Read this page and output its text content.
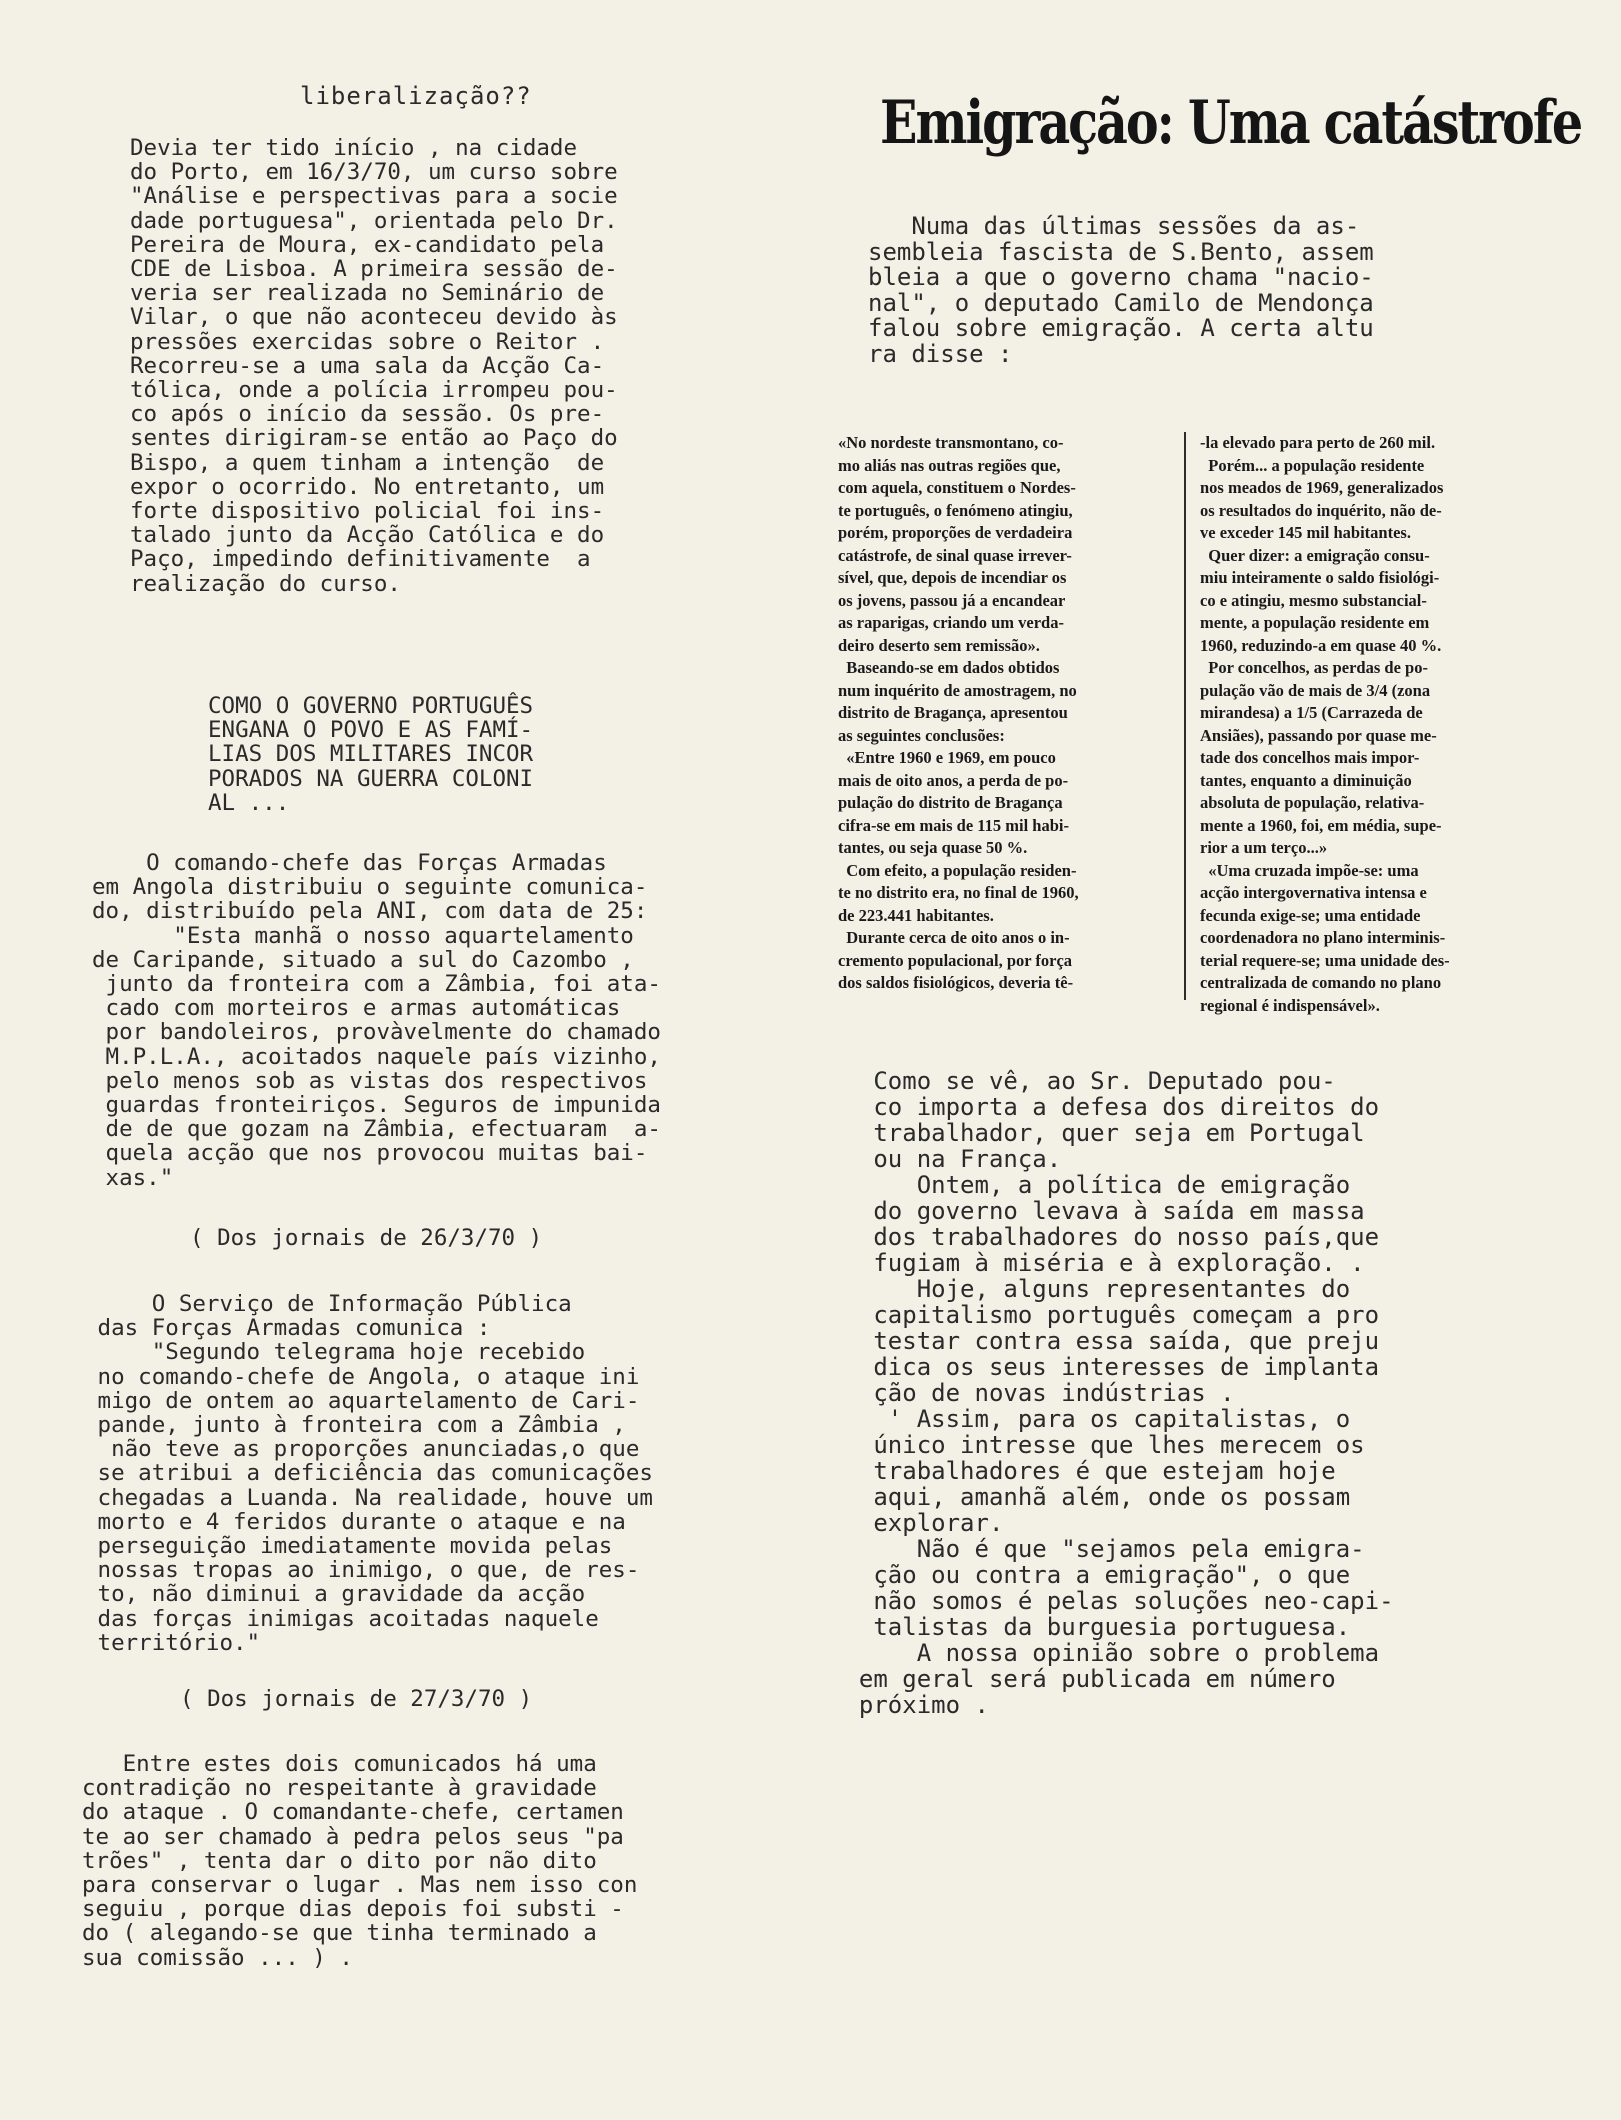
liberalização??
Devia ter tido início , na cidade
do Porto, em 16/3/70, um curso sobre
"Análise e perspectivas para a socie
dade portuguesa", orientada pelo Dr.
Pereira de Moura, ex-candidato pela
CDE de Lisboa. A primeira sessão de-
veria ser realizada no Seminário de
Vilar, o que não aconteceu devido às
pressões exercidas sobre o Reitor .
Recorreu-se a uma sala da Acção Ca-
tólica, onde a polícia irrompeu pou-
co após o início da sessão. Os pre-
sentes dirigiram-se então ao Paço do
Bispo, a quem tinham a intenção  de
expor o ocorrido. No entretanto, um
forte dispositivo policial foi ins-
talado junto da Acção Católica e do
Paço, impedindo definitivamente  a
realização do curso.
COMO O GOVERNO PORTUGUÊS
ENGANA O POVO E AS FAMÍ-
LIAS DOS MILITARES INCOR
PORADOS NA GUERRA COLONI
AL ...
O comando-chefe das Forças Armadas
em Angola distribuiu o seguinte comunica-
do, distribuído pela ANI, com data de 25:
"Esta manhã o nosso aquartelamento
de Caripande, situado a sul do Cazombo ,
junto da fronteira com a Zâmbia, foi ata-
cado com morteiros e armas automáticas
por bandoleiros, provàvelmente do chamado
M.P.L.A., acoitados naquele país vizinho,
pelo menos sob as vistas dos respectivos
guardas fronteiriços. Seguros de impunida
de de que gozam na Zâmbia, efectuaram  a-
quela acção que nos provocou muitas bai-
xas."
( Dos jornais de 26/3/70 )
O Serviço de Informação Pública
das Forças Armadas comunica :
"Segundo telegrama hoje recebido
no comando-chefe de Angola, o ataque ini
migo de ontem ao aquartelamento de Cari-
pande, junto à fronteira com a Zâmbia ,
não teve as proporções anunciadas,o que
se atribui a deficiência das comunicações
chegadas a Luanda. Na realidade, houve um
morto e 4 feridos durante o ataque e na
perseguição imediatamente movida pelas
nossas tropas ao inimigo, o que, de res-
to, não diminui a gravidade da acção
das forças inimigas acoitadas naquele
território."
( Dos jornais de 27/3/70 )
Entre estes dois comunicados há uma
contradição no respeitante à gravidade
do ataque . O comandante-chefe, certamen
te ao ser chamado à pedra pelos seus "pa
trões" , tenta dar o dito por não dito
para conservar o lugar . Mas nem isso con
seguiu , porque dias depois foi substi -
do ( alegando-se que tinha terminado a
sua comissão ... ) .
Emigração: Uma catástrofe
Numa das últimas sessões da as-
sembleia fascista de S.Bento, assem
bleia a que o governo chama "nacio-
nal", o deputado Camilo de Mendonça
falou sobre emigração. A certa altu
ra disse :
«No nordeste transmontano, co-
mo aliás nas outras regiões que,
com aquela, constituem o Nordes-
te português, o fenómeno atingiu,
porém, proporções de verdadeira
catástrofe, de sinal quase irrever-
sível, que, depois de incendiar os
os jovens, passou já a encandear
as raparigas, criando um verda-
deiro deserto sem remissão».
Baseando-se em dados obtidos
num inquérito de amostragem, no
distrito de Bragança, apresentou
as seguintes conclusões:
«Entre 1960 e 1969, em pouco
mais de oito anos, a perda de po-
pulação do distrito de Bragança
cifra-se em mais de 115 mil habi-
tantes, ou seja quase 50 %.
Com efeito, a população residen-
te no distrito era, no final de 1960,
de 223.441 habitantes.
Durante cerca de oito anos o in-
cremento populacional, por força
dos saldos fisiológicos, deveria tê-
-la elevado para perto de 260 mil.
Porém... a população residente
nos meados de 1969, generalizados
os resultados do inquérito, não de-
ve exceder 145 mil habitantes.
Quer dizer: a emigração consu-
miu inteiramente o saldo fisiológi-
co e atingiu, mesmo substancial-
mente, a população residente em
1960, reduzindo-a em quase 40 %.
Por concelhos, as perdas de po-
pulação vão de mais de 3/4 (zona
mirandesa) a 1/5 (Carrazeda de
Ansiães), passando por quase me-
tade dos concelhos mais impor-
tantes, enquanto a diminuição
absoluta de população, relativa-
mente a 1960, foi, em média, supe-
rior a um terço...»
«Uma cruzada impõe-se: uma
acção intergovernativa intensa e
fecunda exige-se; uma entidade
coordenadora no plano interminis-
terial requere-se; uma unidade des-
centralizada de comando no plano
regional é indispensável».
Como se vê, ao Sr. Deputado pou-
co importa a defesa dos direitos do
trabalhador, quer seja em Portugal
ou na França.
Ontem, a política de emigração
do governo levava à saída em massa
dos trabalhadores do nosso país,que
fugiam à miséria e à exploração. .
Hoje, alguns representantes do
capitalismo português começam a pro
testar contra essa saída, que preju
dica os seus interesses de implanta
ção de novas indústrias .
' Assim, para os capitalistas, o
único intresse que lhes merecem os
trabalhadores é que estejam hoje
aqui, amanhã além, onde os possam
explorar.
Não é que "sejamos pela emigra-
ção ou contra a emigração", o que
não somos é pelas soluções neo-capi-
talistas da burguesia portuguesa.
A nossa opinião sobre o problema
em geral será publicada em número
próximo .
